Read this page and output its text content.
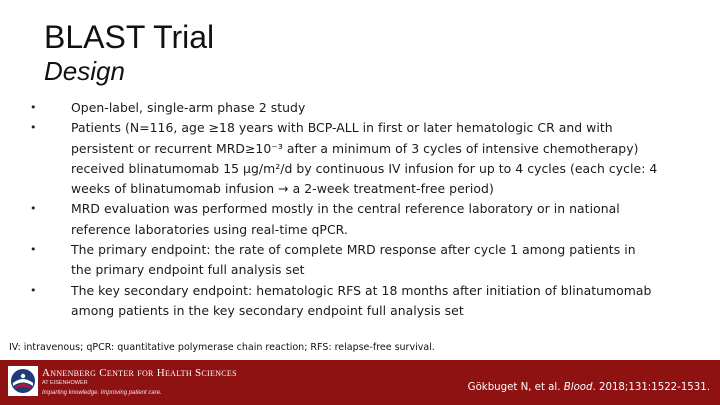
BLAST Trial
Design
•	Open-label, single-arm phase 2 study
•	Patients (N=116, age ≥18 years with BCP-ALL in first or later hematologic CR and with
persistent or recurrent MRD≥10⁻³ after a minimum of 3 cycles of intensive chemotherapy)
received blinatumomab 15 µg/m²/d by continuous IV infusion for up to 4 cycles (each cycle: 4
weeks of blinatumomab infusion → a 2-week treatment-free period)
•	MRD evaluation was performed mostly in the central reference laboratory or in national
reference laboratories using real-time qPCR.
•	The primary endpoint: the rate of complete MRD response after cycle 1 among patients in
the primary endpoint full analysis set
•	The key secondary endpoint: hematologic RFS at 18 months after initiation of blinatumomab
among patients in the key secondary endpoint full analysis set
IV: intravenous; qPCR: quantitative polymerase chain reaction; RFS: relapse-free survival.
Annenberg Center for Health Sciences
AT EISENHOWER
Imparting knowledge. Improving patient care.	Gökbuget N, et al. Blood. 2018;131:1522-1531.
